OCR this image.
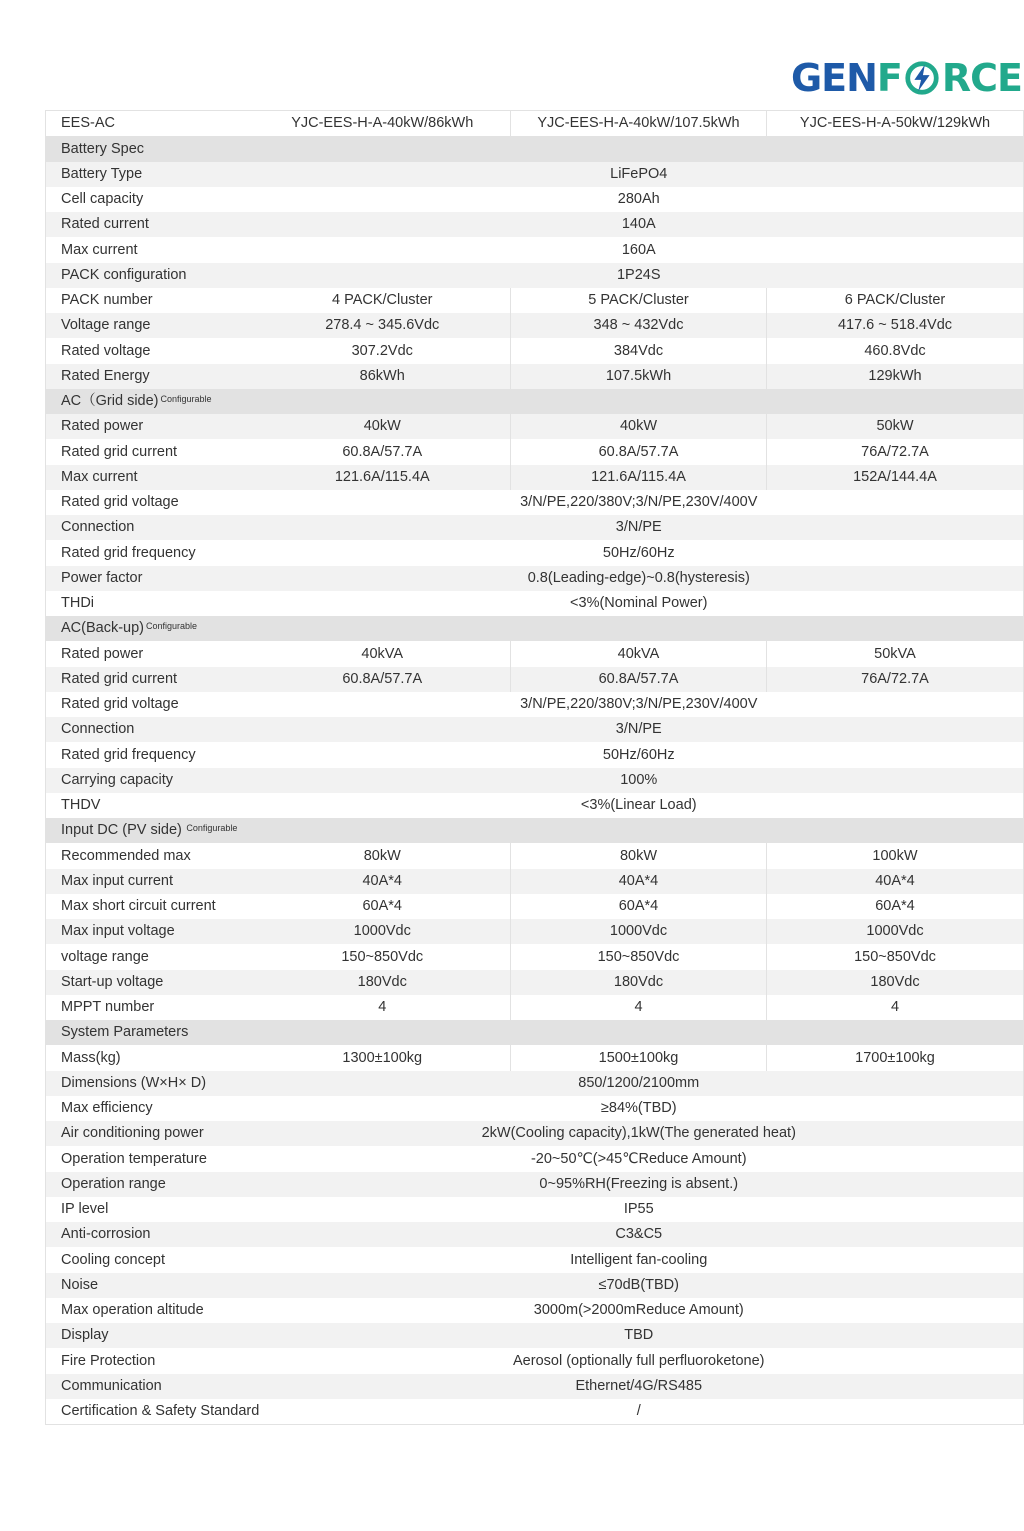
GEN F RCE
EES-AC	YJC-EES-H-A-40kW/86kWh	YJC-EES-H-A-40kW/107.5kWh	YJC-EES-H-A-50kW/129kWh
Battery Spec			
Battery Type	LiFePO4		
Cell capacity	280Ah		
Rated current	140A		
Max current	160A		
PACK configuration	1P24S		
PACK number	4 PACK/Cluster	5 PACK/Cluster	6 PACK/Cluster
Voltage range	278.4 ~ 345.6Vdc	348 ~ 432Vdc	417.6 ~ 518.4Vdc
Rated voltage	307.2Vdc	384Vdc	460.8Vdc
Rated Energy	86kWh	107.5kWh	129kWh
AC（Grid side) $^{Configurable}$
Rated power	40kW	40kW	50kW
Rated grid current	60.8A/57.7A	60.8A/57.7A	76A/72.7A
Max current	121.6A/115.4A	121.6A/115.4A	152A/144.4A
Rated grid voltage	3/N/PE,220/380V;3/N/PE,230V/400V		
Connection	3/N/PE		
Rated grid frequency	50Hz/60Hz		
Power factor	0.8(Leading-edge)~0.8(hysteresis)		
THDi	<3%(Nominal Power)		
AC(Back-up) $^{Configurable}$
Rated power	40kVA	40kVA	50kVA
Rated grid current	60.8A/57.7A	60.8A/57.7A	76A/72.7A
Rated grid voltage	3/N/PE,220/380V;3/N/PE,230V/400V		
Connection	3/N/PE		
Rated grid frequency	50Hz/60Hz		
Carrying capacity	100%		
THDV	<3%(Linear Load)		
Input DC (PV side) $^{Configurable}$
Recommended max	80kW	80kW	100kW
Max input current	40A*4	40A*4	40A*4
Max short circuit current	60A*4	60A*4	60A*4
Max input voltage	1000Vdc	1000Vdc	1000Vdc
voltage range	150~850Vdc	150~850Vdc	150~850Vdc
Start-up voltage	180Vdc	180Vdc	180Vdc
MPPT number	4	4	4
System Parameters			
Mass(kg)	1300±100kg	1500±100kg	1700±100kg
Dimensions (W×H× D)	850/1200/2100mm		
Max efficiency	≥84%(TBD)		
Air conditioning power	2kW(Cooling capacity),1kW(The generated heat)		
Operation temperature	-20~50℃(>45℃Reduce Amount)		
Operation range	0~95%RH(Freezing is absent.)		
IP level	IP55		
Anti-corrosion	C3&C5		
Cooling concept	Intelligent fan-cooling		
Noise	≤70dB(TBD)		
Max operation altitude	3000m(>2000mReduce Amount)		
Display	TBD		
Fire Protection	Aerosol (optionally full perfluoroketone)		
Communication	Ethernet/4G/RS485		
Certification & Safety Standard	/		
